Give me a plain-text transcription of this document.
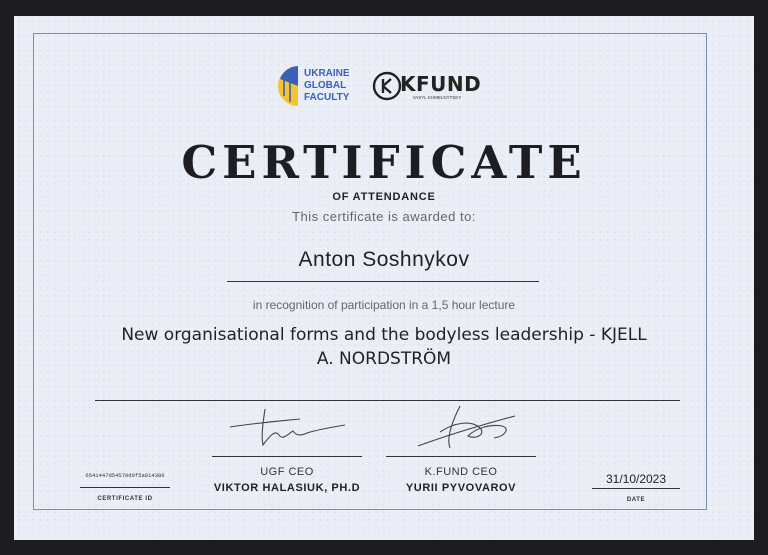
UKRAINE
GLOBAL
FACULTY
KFUND
VASYL KHMELNYTSKY
CERTIFICATE
OF ATTENDANCE
This certificate is awarded to:
Anton Soshnykov
in recognition of participation in a 1,5 hour lecture
New organisational forms and the bodyless leadership - KJELL A. NORDSTRÖM
UGF CEO
VIKTOR HALASIUK, PH.D
K.FUND CEO
YURII PYVOVAROV
6541447d54570d9f5a014386
CERTIFICATE ID
31/10/2023
DATE
